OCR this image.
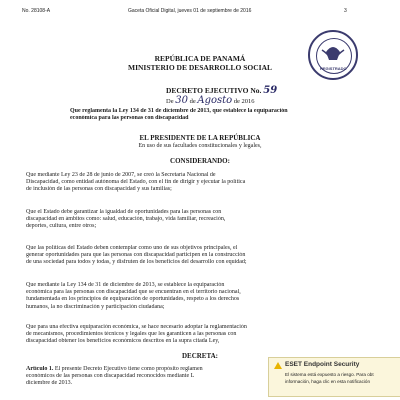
No. 28108-A	Gaceta Oficial Digital, jueves 01 de septiembre de 2016	3
REPÚBLICA DE PANAMÁ
MINISTERIO DE DESARROLLO SOCIAL
DECRETO EJECUTIVO No. 59
De 30 de Agosto de 2016
REGISTRADO
Que reglamenta la Ley 134 de 31 de diciembre de 2013, que establece la equiparación
económica para las personas con discapacidad
EL PRESIDENTE DE LA REPÚBLICA
En uso de sus facultades constitucionales y legales,
CONSIDERANDO:
Que mediante Ley 23 de 28 de junio de 2007, se creó la Secretaría Nacional de
Discapacidad, como entidad autónoma del Estado, con el fin de dirigir y ejecutar la política
de inclusión de las personas con discapacidad y sus familias;
Que el Estado debe garantizar la igualdad de oportunidades para las personas con
discapacidad en ámbitos como: salud, educación, trabajo, vida familiar, recreación,
deportes, cultura, entre otros;
Que las políticas del Estado deben contemplar como uno de sus objetivos principales, el
generar oportunidades para que las personas con discapacidad participen en la construcción
de una sociedad para todos y todas, y disfruten de los beneficios del desarrollo con equidad;
Que mediante la Ley 134 de 31 de diciembre de 2013, se establece la equiparación
económica para las personas con discapacidad que se encuentran en el territorio nacional,
fundamentada en los principios de equiparación de oportunidades, respeto a los derechos
humanos, la no discriminación y participación ciudadana;
Que para una efectiva equiparación económica, se hace necesario adoptar la reglamentación
de mecanismos, procedimientos técnicos y legales que les garanticen a las personas con
discapacidad obtener los beneficios económicos descritos en la supra citada Ley,
DECRETA:
Artículo 1. El presente Decreto Ejecutivo tiene como propósito reglamen
económicos de las personas con discapacidad reconocidos mediante L
diciembre de 2013.
ESET Endpoint Security
El sistema está expuesto a riesgo. Para obt
información, haga clic en esta notificación
